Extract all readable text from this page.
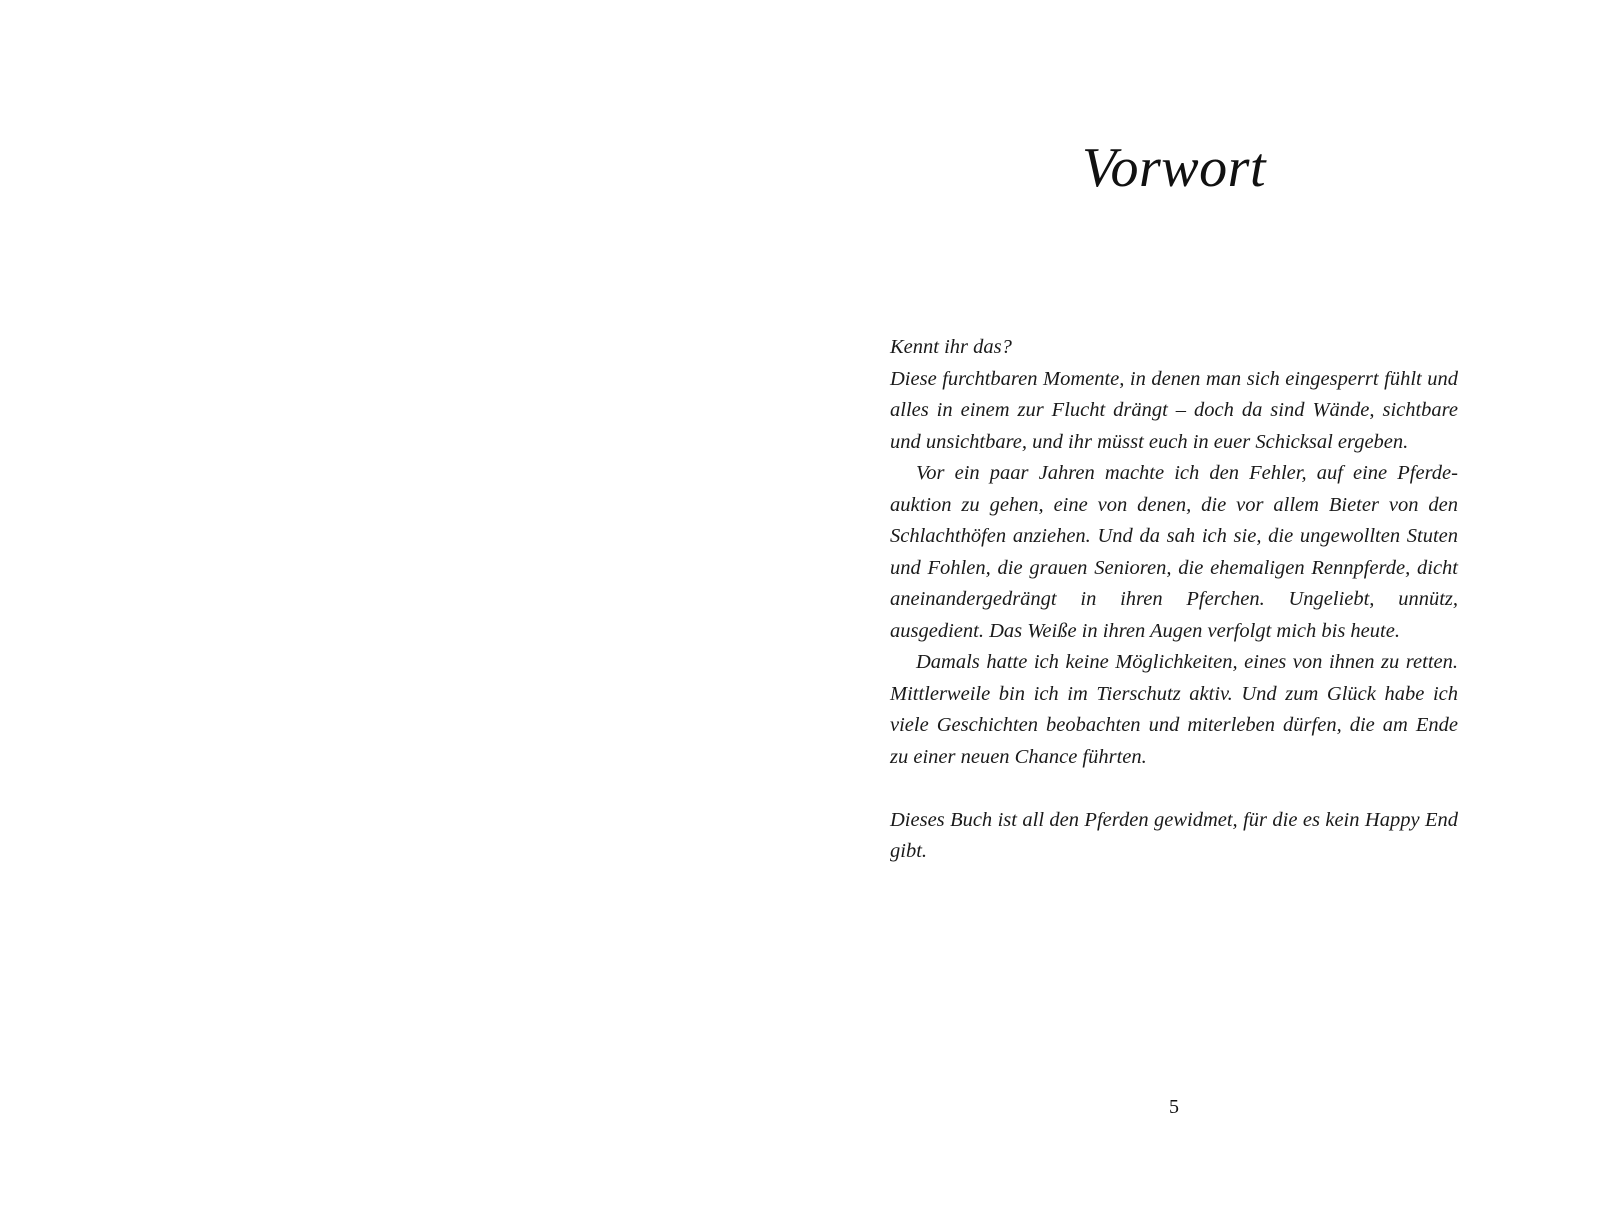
Vorwort

Kennt ihr das?

Diese furchtbaren Momente, in denen man sich eingesperrt fühlt und alles in einem zur Flucht drängt – doch da sind Wände, sichtbare und unsichtbare, und ihr müsst euch in euer Schicksal ergeben.

Vor ein paar Jahren machte ich den Fehler, auf eine Pferdeauktion zu gehen, eine von denen, die vor allem Bieter von den Schlachthöfen anziehen. Und da sah ich sie, die ungewollten Stuten und Fohlen, die grauen Senioren, die ehemaligen Rennpferde, dicht aneinandergedrängt in ihren Pferchen. Ungeliebt, unnütz, ausgedient. Das Weiße in ihren Augen verfolgt mich bis heute.

Damals hatte ich keine Möglichkeiten, eines von ihnen zu retten. Mittlerweile bin ich im Tierschutz aktiv. Und zum Glück habe ich viele Geschichten beobachten und miterleben dürfen, die am Ende zu einer neuen Chance führten.

Dieses Buch ist all den Pferden gewidmet, für die es kein Happy End gibt.

5
